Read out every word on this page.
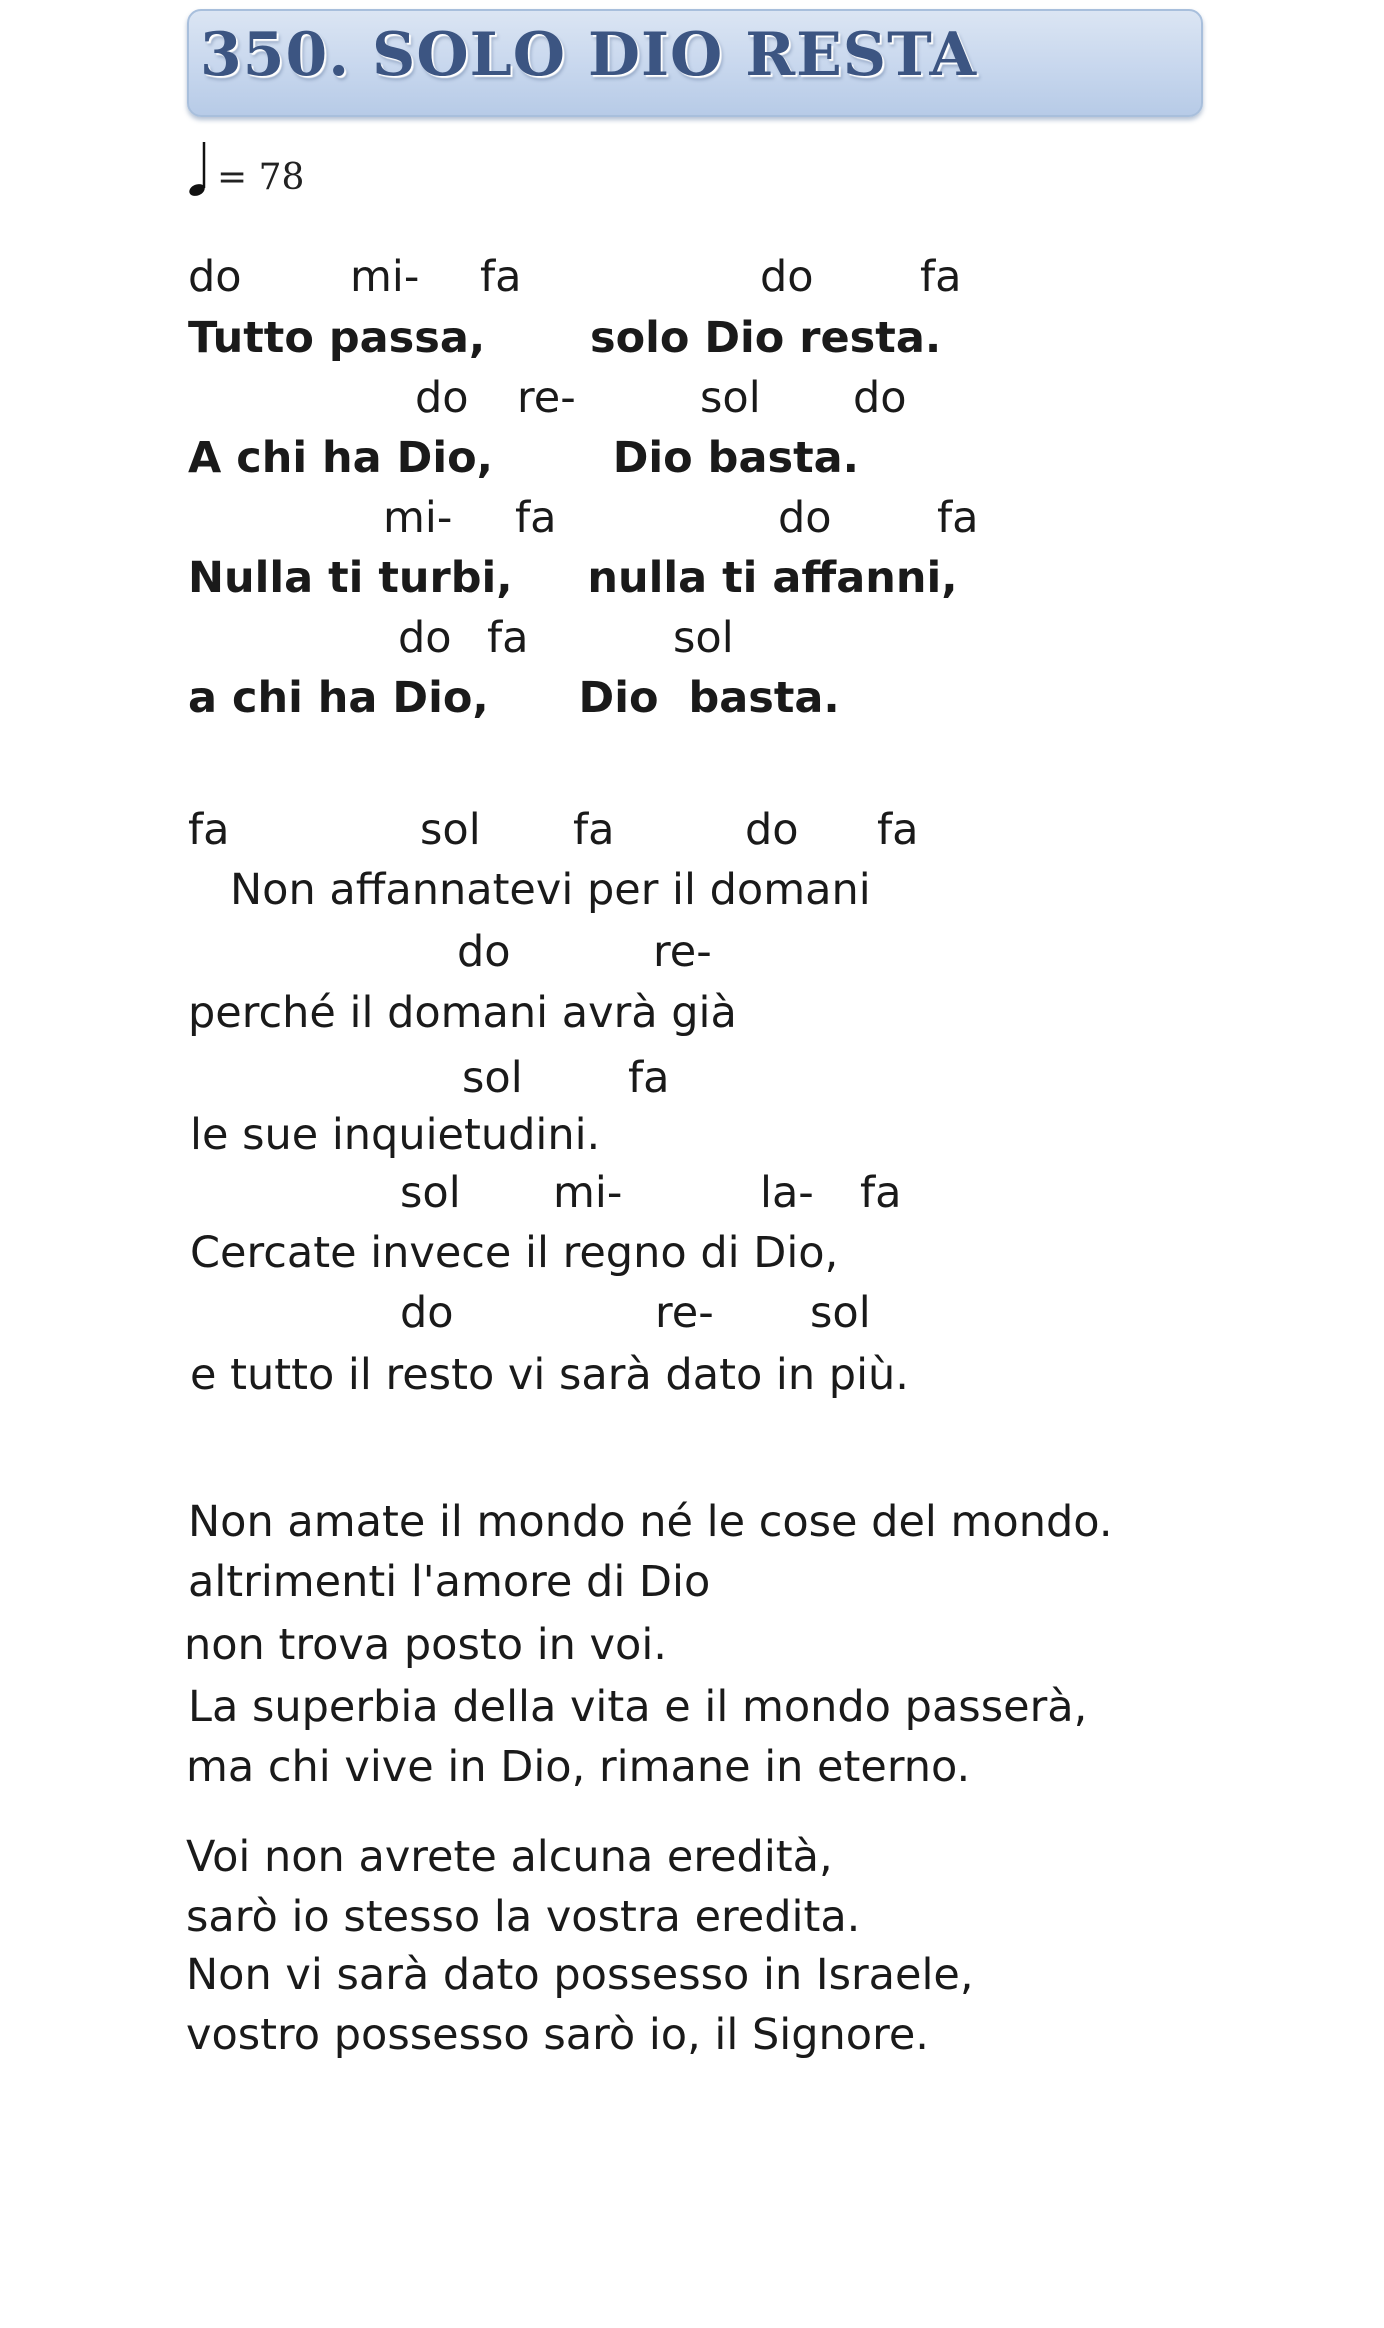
350. SOLO DIO RESTA
= 78
do	mi- fa	do fa
Tutto passa,       solo Dio resta.
do re-	sol do
A chi ha Dio,        Dio basta.
mi- fa	do fa
Nulla ti turbi,     nulla ti affanni,
do fa	sol
a chi ha Dio,      Dio  basta.
fa	sol fa	do fa
Non affannatevi per il domani
do	re-
perché il domani avrà già
sol fa
le sue inquietudini.
sol mi-	la- fa
Cercate invece il regno di Dio,
do	re- sol
e tutto il resto vi sarà dato in più.
Non amate il mondo né le cose del mondo.
altrimenti l'amore di Dio
non trova posto in voi.
La superbia della vita e il mondo passerà,
ma chi vive in Dio, rimane in eterno.
Voi non avrete alcuna eredità,
sarò io stesso la vostra eredita.
Non vi sarà dato possesso in Israele,
vostro possesso sarò io, il Signore.
